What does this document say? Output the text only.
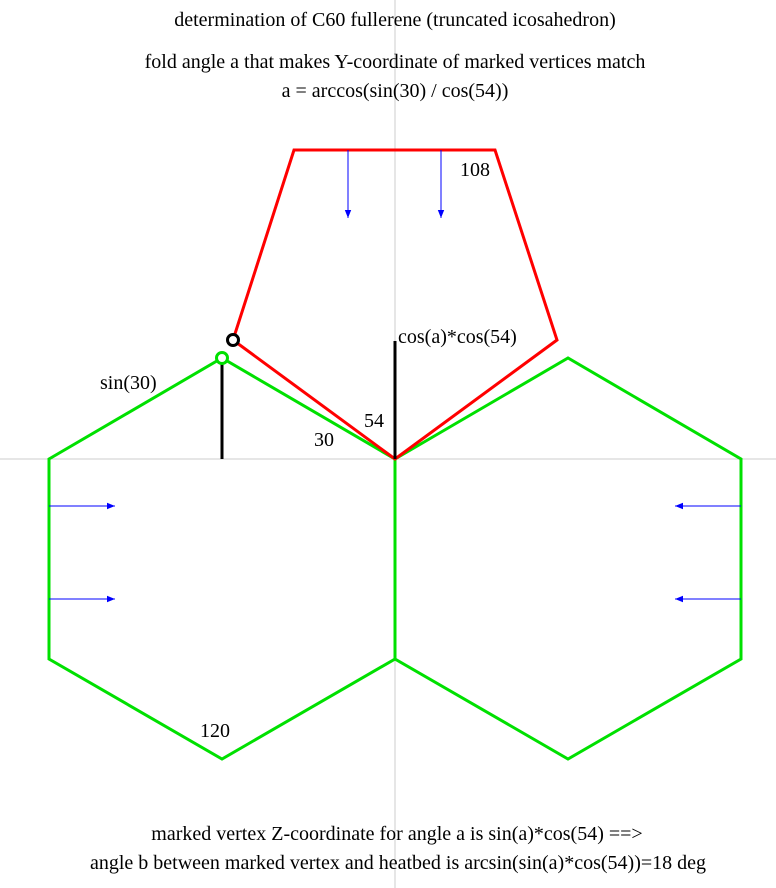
determination of C60 fullerene (truncated icosahedron)
fold angle a that makes Y-coordinate of marked vertices match
a = arccos(sin(30) / cos(54))
108
cos(a)*cos(54)
sin(30)
54
30
120
marked vertex Z-coordinate for angle a is sin(a)*cos(54) ==>
angle b between marked vertex and heatbed is arcsin(sin(a)*cos(54))=18 deg
